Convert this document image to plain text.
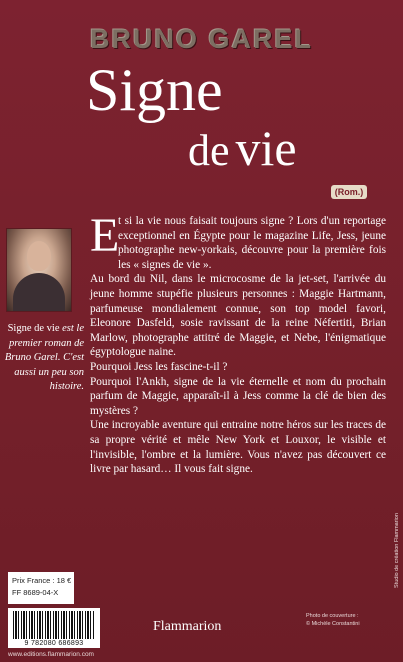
BRUNO GAREL
Signe
de vie
(Rom.)
Signe de vie est le premier roman de Bruno Garel. C'est aussi un peu son histoire.
E

t si la vie nous faisait toujours signe ? Lors d'un reportage exceptionnel en Égypte pour le magazine Life, Jess, jeune photographe new-yorkais, découvre pour la première fois les « signes de vie ».

Au bord du Nil, dans le microcosme de la jet-set, l'arrivée du jeune homme stupéfie plusieurs personnes : Maggie Hartmann, parfumeuse mondialement connue, son top model favori, Eleonore Dasfeld, sosie ravissant de la reine Néfertiti, Brian Marlow, photographe attitré de Maggie, et Nebe, l'énigmatique égyptologue naine.

Pourquoi Jess les fascine-t-il ?

Pourquoi l'Ankh, signe de la vie éternelle et nom du prochain parfum de Maggie, apparaît-il à Jess comme la clé de bien des mystères ?

Une incroyable aventure qui entraine notre héros sur les traces de sa propre vérité et mêle New York et Louxor, le visible et l'invisible, l'ombre et la lumière. Vous n'avez pas découvert ce livre par hasard… Il vous fait signe.

Prix France : 18 €
FF 8689-04-X
9 782080 686893
www.editions.flammarion.com
Flammarion
Photo de couverture :
© Michèle Constantini
Studio de création Flammarion
